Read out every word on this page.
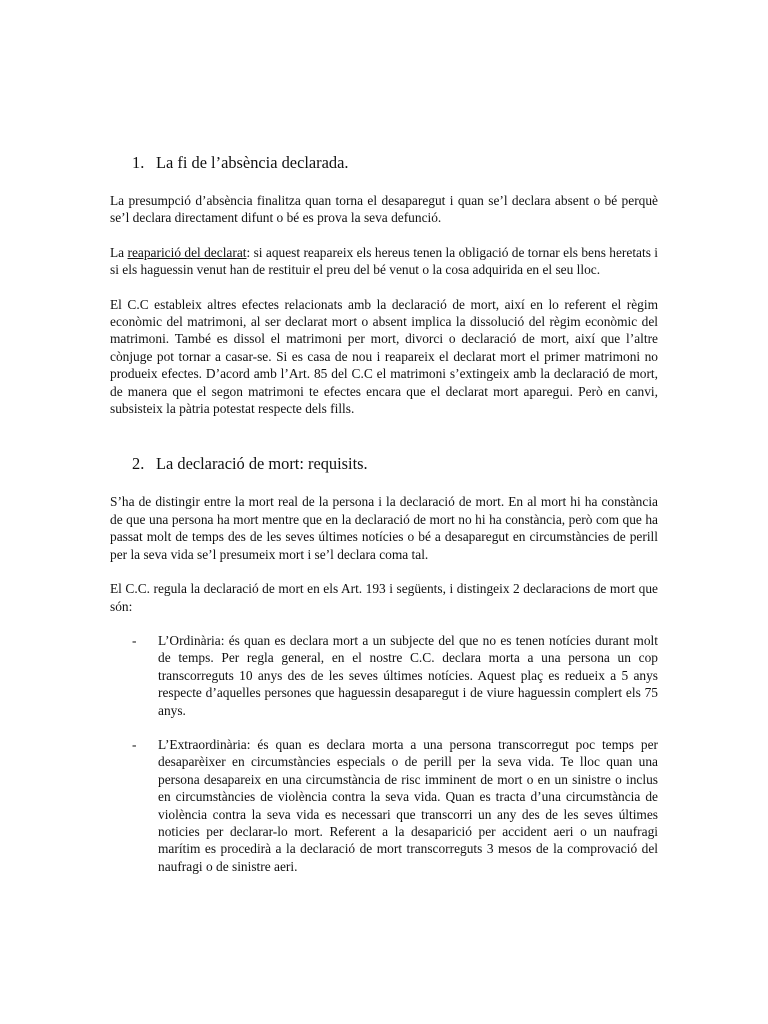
1. La fi de l’absència declarada.

La presumpció d’absència finalitza quan torna el desaparegut i quan se’l declara absent o bé perquè se’l declara directament difunt o bé es prova la seva defunció.

La reaparició del declarat: si aquest reapareix els hereus tenen la obligació de tornar els bens heretats i si els haguessin venut han de restituir el preu del bé venut o la cosa adquirida en el seu lloc.

El C.C estableix altres efectes relacionats amb la declaració de mort, així en lo referent el règim econòmic del matrimoni, al ser declarat mort o absent implica la dissolució del règim econòmic del matrimoni. També es dissol el matrimoni per mort, divorci o declaració de mort, així que l’altre cònjuge pot tornar a casar-se. Si es casa de nou i reapareix el declarat mort el primer matrimoni no produeix efectes. D’acord amb l’Art. 85 del C.C el matrimoni s’extingeix amb la declaració de mort, de manera que el segon matrimoni te efectes encara que el declarat mort aparegui. Però en canvi, subsisteix la pàtria potestat respecte dels fills.

2. La declaració de mort: requisits.

S’ha de distingir entre la mort real de la persona i la declaració de mort. En al mort hi ha constància de que una persona ha mort mentre que en la declaració de mort no hi ha constància, però com que ha passat molt de temps des de les seves últimes notícies o bé a desaparegut en circumstàncies de perill per la seva vida se’l presumeix mort i se’l declara coma tal.

El C.C. regula la declaració de mort en els Art. 193 i següents, i distingeix 2 declaracions de mort que són:

-	L’Ordinària: és quan es declara mort a un subjecte del que no es tenen notícies durant molt de temps. Per regla general, en el nostre C.C. declara morta a una persona un cop transcorreguts 10 anys des de les seves últimes notícies. Aquest plaç es redueix a 5 anys respecte d’aquelles persones que haguessin desaparegut i de viure haguessin complert els 75 anys.

-	L’Extraordinària: és quan es declara morta a una persona transcorregut poc temps per desaparèixer en circumstàncies especials o de perill per la seva vida. Te lloc quan una persona desapareix en una circumstància de risc imminent de mort o en un sinistre o inclus en circumstàncies de violència contra la seva vida. Quan es tracta d’una circumstància de violència contra la seva vida es necessari que transcorri un any des de les seves últimes noticies per declarar-lo mort. Referent a la desaparició per accident aeri o un naufragi marítim es procedirà a la declaració de mort transcorreguts 3 mesos de la comprovació del naufragi o de sinistre aeri.
